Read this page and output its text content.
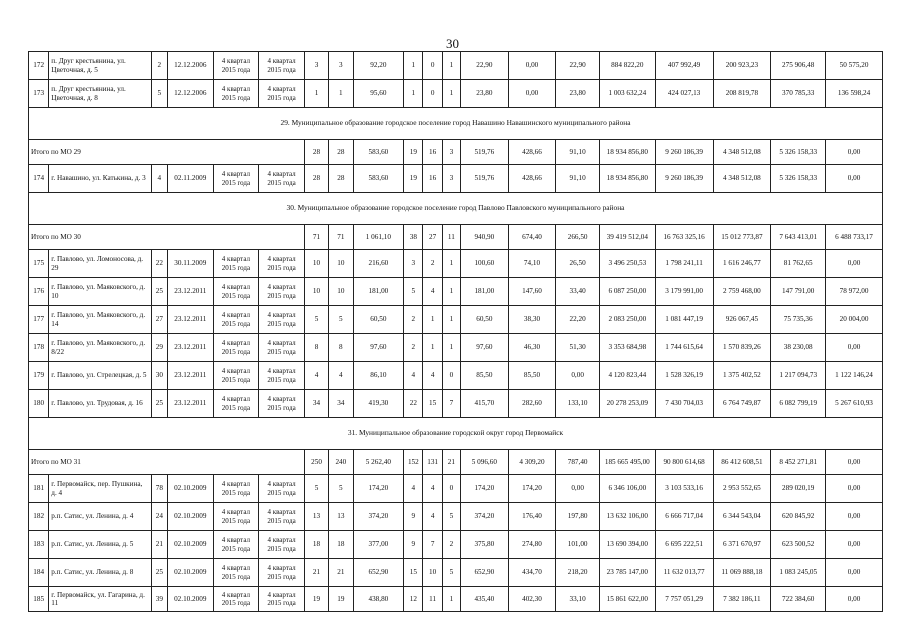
30
172	п. Друг крестьянина, ул. Цветочная, д. 5	2	12.12.2006	4 квартал 2015 года	4 квартал 2015 года	3	3	92,20	1	0	1	22,90	0,00	22,90	884 822,20	407 992,49	200 923,23	275 906,48	50 575,20
173	п. Друг крестьянина, ул. Цветочная, д. 8	5	12.12.2006	4 квартал 2015 года	4 квартал 2015 года	1	1	95,60	1	0	1	23,80	0,00	23,80	1 003 632,24	424 027,13	208 819,78	370 785,33	136 598,24
29. Муниципальное образование городское поселение город Навашино Навашинского муниципального района																			
Итого по МО 29						28	28	583,60	19	16	3	519,76	428,66	91,10	18 934 856,80	9 260 186,39	4 348 512,08	5 326 158,33	0,00
174	г. Навашино, ул. Катькина, д. 3	4	02.11.2009	4 квартал 2015 года	4 квартал 2015 года	28	28	583,60	19	16	3	519,76	428,66	91,10	18 934 856,80	9 260 186,39	4 348 512,08	5 326 158,33	0,00
30. Муниципальное образование городское поселение город Павлово Павловского муниципального района																			
Итого по МО 30						71	71	1 061,10	38	27	11	940,90	674,40	266,50	39 419 512,04	16 763 325,16	15 012 773,87	7 643 413,01	6 488 733,17
175	г. Павлово, ул. Ломоносова, д. 29	22	30.11.2009	4 квартал 2015 года	4 квартал 2015 года	10	10	216,60	3	2	1	100,60	74,10	26,50	3 496 250,53	1 798 241,11	1 616 246,77	81 762,65	0,00
176	г. Павлово, ул. Маяковского, д. 10	25	23.12.2011	4 квартал 2015 года	4 квартал 2015 года	10	10	181,00	5	4	1	181,00	147,60	33,40	6 087 250,00	3 179 991,00	2 759 468,00	147 791,00	78 972,00
177	г. Павлово, ул. Маяковского, д. 14	27	23.12.2011	4 квартал 2015 года	4 квартал 2015 года	5	5	60,50	2	1	1	60,50	38,30	22,20	2 083 250,00	1 081 447,19	926 067,45	75 735,36	20 004,00
178	г. Павлово, ул. Маяковского, д. 8/22	29	23.12.2011	4 квартал 2015 года	4 квартал 2015 года	8	8	97,60	2	1	1	97,60	46,30	51,30	3 353 684,98	1 744 615,64	1 570 839,26	38 230,08	0,00
179	г. Павлово, ул. Стрелецкая, д. 5	30	23.12.2011	4 квартал 2015 года	4 квартал 2015 года	4	4	86,10	4	4	0	85,50	85,50	0,00	4 120 823,44	1 528 326,19	1 375 402,52	1 217 094,73	1 122 146,24
180	г. Павлово, ул. Трудовая, д. 16	25	23.12.2011	4 квартал 2015 года	4 квартал 2015 года	34	34	419,30	22	15	7	415,70	282,60	133,10	20 278 253,09	7 430 704,03	6 764 749,87	6 082 799,19	5 267 610,93
31. Муниципальное образование городской округ город Первомайск																			
Итого по МО 31						250	240	5 262,40	152	131	21	5 096,60	4 309,20	787,40	185 665 495,00	90 800 614,68	86 412 608,51	8 452 271,81	0,00
181	г. Первомайск, пер. Пушкина, д. 4	78	02.10.2009	4 квартал 2015 года	4 квартал 2015 года	5	5	174,20	4	4	0	174,20	174,20	0,00	6 346 106,00	3 103 533,16	2 953 552,65	289 020,19	0,00
182	р.п. Сатис, ул. Ленина, д. 4	24	02.10.2009	4 квартал 2015 года	4 квартал 2015 года	13	13	374,20	9	4	5	374,20	176,40	197,80	13 632 106,00	6 666 717,04	6 344 543,04	620 845,92	0,00
183	р.п. Сатис, ул. Ленина, д. 5	21	02.10.2009	4 квартал 2015 года	4 квартал 2015 года	18	18	377,00	9	7	2	375,80	274,80	101,00	13 690 394,00	6 695 222,51	6 371 670,97	623 500,52	0,00
184	р.п. Сатис, ул. Ленина, д. 8	25	02.10.2009	4 квартал 2015 года	4 квартал 2015 года	21	21	652,90	15	10	5	652,90	434,70	218,20	23 785 147,00	11 632 013,77	11 069 888,18	1 083 245,05	0,00
185	г. Первомайск, ул. Гагарина, д. 11	39	02.10.2009	4 квартал 2015 года	4 квартал 2015 года	19	19	438,80	12	11	1	435,40	402,30	33,10	15 861 622,00	7 757 051,29	7 382 186,11	722 384,60	0,00
